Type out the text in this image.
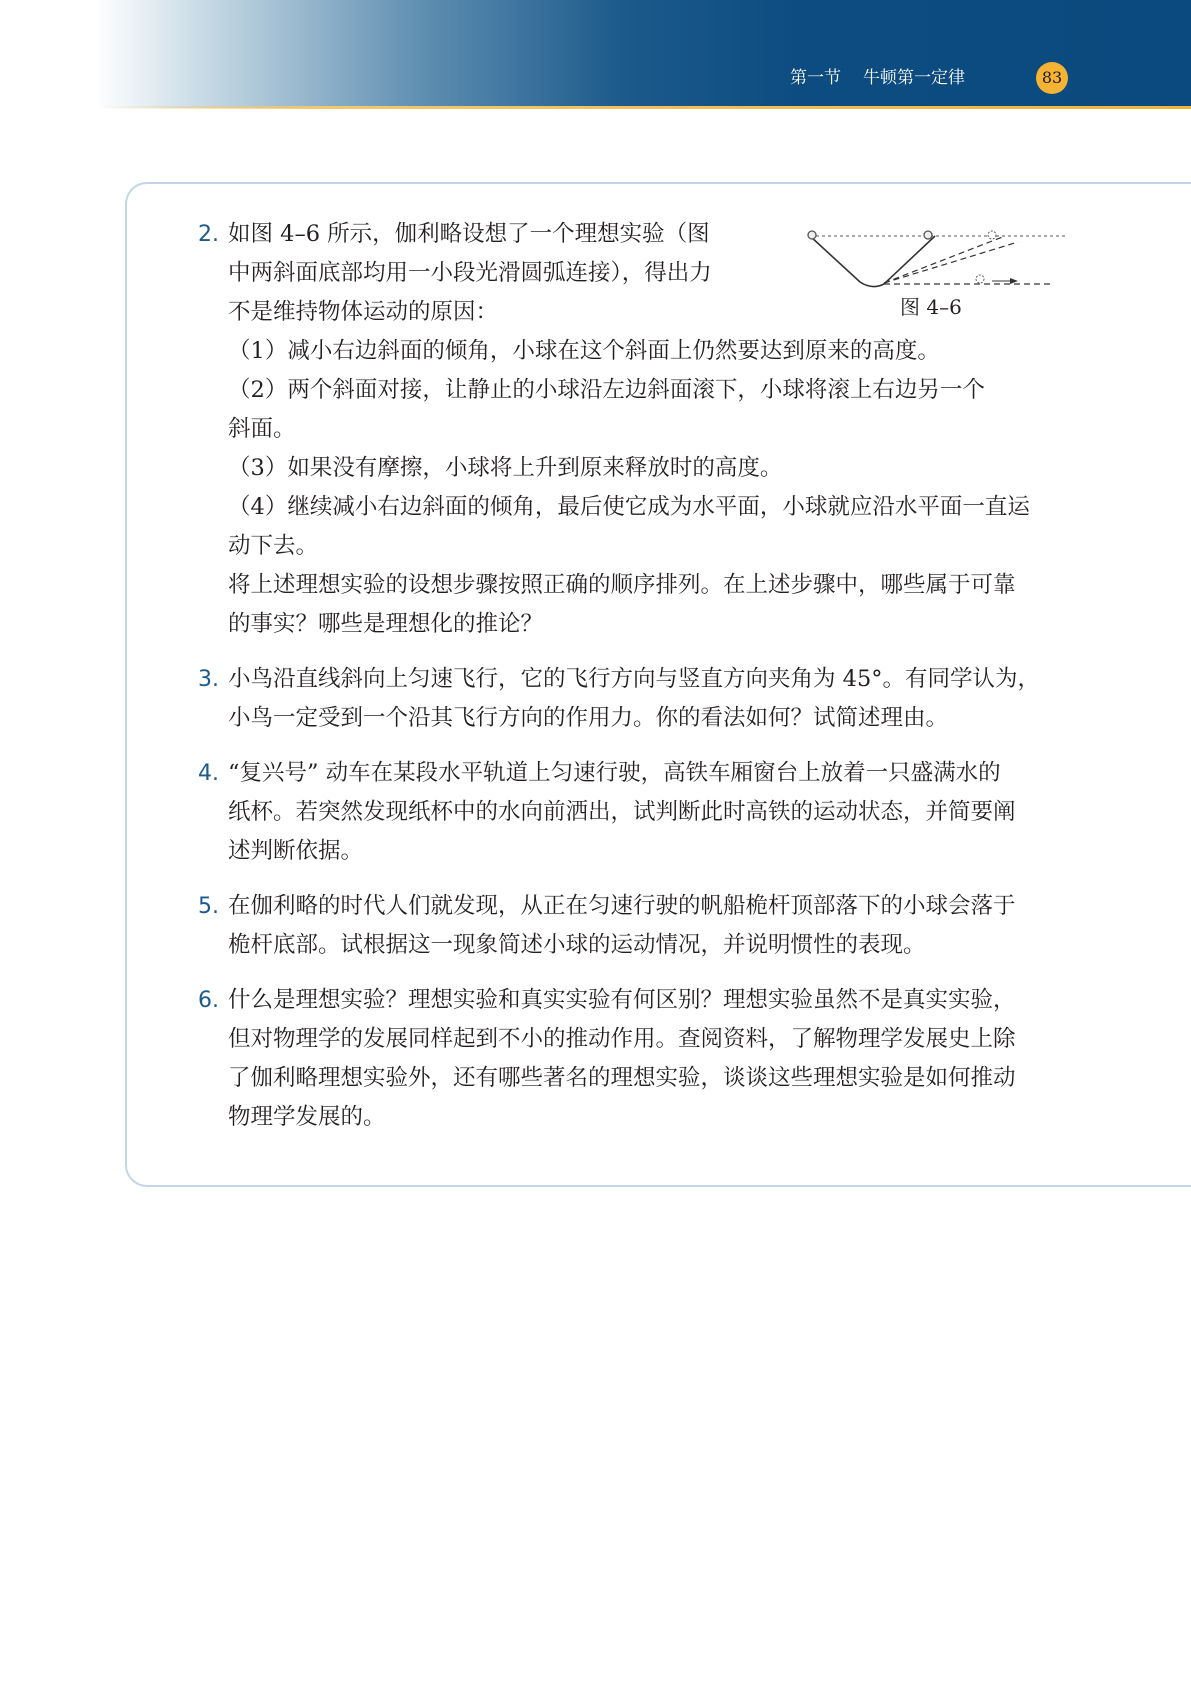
第一节 牛顿第一定律	83
图 4–6
2. 如图 4–6 所示，伽利略设想了一个理想实验（图
中两斜面底部均用一小段光滑圆弧连接），得出力
不是维持物体运动的原因：
（1）减小右边斜面的倾角，小球在这个斜面上仍然要达到原来的高度。
（2）两个斜面对接，让静止的小球沿左边斜面滚下，小球将滚上右边另一个
斜面。
（3）如果没有摩擦，小球将上升到原来释放时的高度。
（4）继续减小右边斜面的倾角，最后使它成为水平面，小球就应沿水平面一直运
动下去。
将上述理想实验的设想步骤按照正确的顺序排列。在上述步骤中，哪些属于可靠
的事实？哪些是理想化的推论？
3. 小鸟沿直线斜向上匀速飞行，它的飞行方向与竖直方向夹角为 45°。有同学认为，
小鸟一定受到一个沿其飞行方向的作用力。你的看法如何？试简述理由。
4. “复兴号” 动车在某段水平轨道上匀速行驶，高铁车厢窗台上放着一只盛满水的
纸杯。若突然发现纸杯中的水向前洒出，试判断此时高铁的运动状态，并简要阐
述判断依据。
5. 在伽利略的时代人们就发现，从正在匀速行驶的帆船桅杆顶部落下的小球会落于
桅杆底部。试根据这一现象简述小球的运动情况，并说明惯性的表现。
6. 什么是理想实验？理想实验和真实实验有何区别？理想实验虽然不是真实实验，
但对物理学的发展同样起到不小的推动作用。查阅资料，了解物理学发展史上除
了伽利略理想实验外，还有哪些著名的理想实验，谈谈这些理想实验是如何推动
物理学发展的。
